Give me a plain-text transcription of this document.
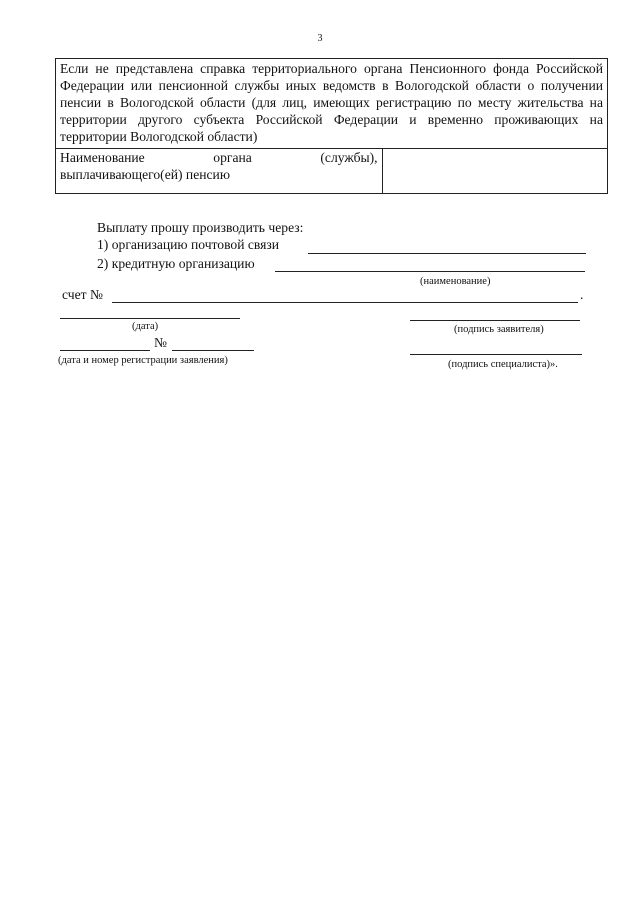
3
Если не представлена справка территориального органа Пенсионного фонда Российской Федерации или пенсионной службы иных ведомств в Вологодской области о получении пенсии в Вологодской области (для лиц, имеющих регистрацию по месту жительства на территории другого субъекта Российской Федерации и временно проживающих на территории Вологодской области)

Наименование	органа	(службы),
выплачивающего(ей) пенсию

Выплату прошу производить через:
1) организацию почтовой связи
2) кредитную организацию
(наименование)
счет №	.
(дата)	(подпись заявителя)
№
(дата и номер регистрации заявления)	(подпись специалиста)».
